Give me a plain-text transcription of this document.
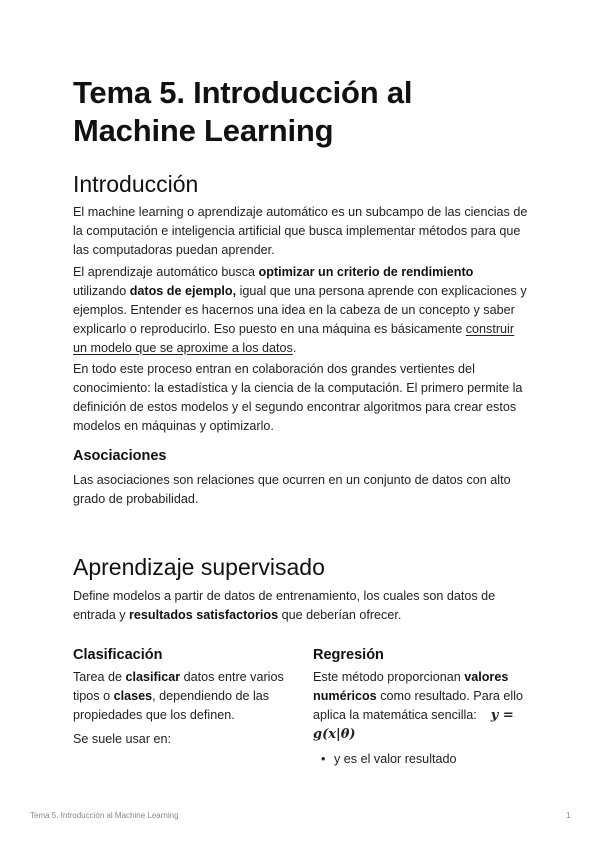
Tema 5. Introducción al Machine Learning
Introducción

El machine learning o aprendizaje automático es un subcampo de las ciencias de la computación e inteligencia artificial que busca implementar métodos para que las computadoras puedan aprender.

El aprendizaje automático busca optimizar un criterio de rendimiento utilizando datos de ejemplo, igual que una persona aprende con explicaciones y ejemplos. Entender es hacernos una idea en la cabeza de un concepto y saber explicarlo o reproducirlo. Eso puesto en una máquina es básicamente construir un modelo que se aproxime a los datos.

En todo este proceso entran en colaboración dos grandes vertientes del conocimiento: la estadística y la ciencia de la computación. El primero permite la definición de estos modelos y el segundo encontrar algoritmos para crear estos modelos en máquinas y optimizarlo.

Asociaciones

Las asociaciones son relaciones que ocurren en un conjunto de datos con alto grado de probabilidad.

Aprendizaje supervisado

Define modelos a partir de datos de entrenamiento, los cuales son datos de entrada y resultados satisfactorios que deberían ofrecer.

Clasificación

Tarea de clasificar datos entre varios tipos o clases, dependiendo de las propiedades que los definen.

Se suele usar en:

Regresión

Este método proporcionan valores numéricos como resultado. Para ello aplica la matemática sencilla: y = g(x|θ)

• y es el valor resultado
Tema 5. Introducción al Machine Learning	1
